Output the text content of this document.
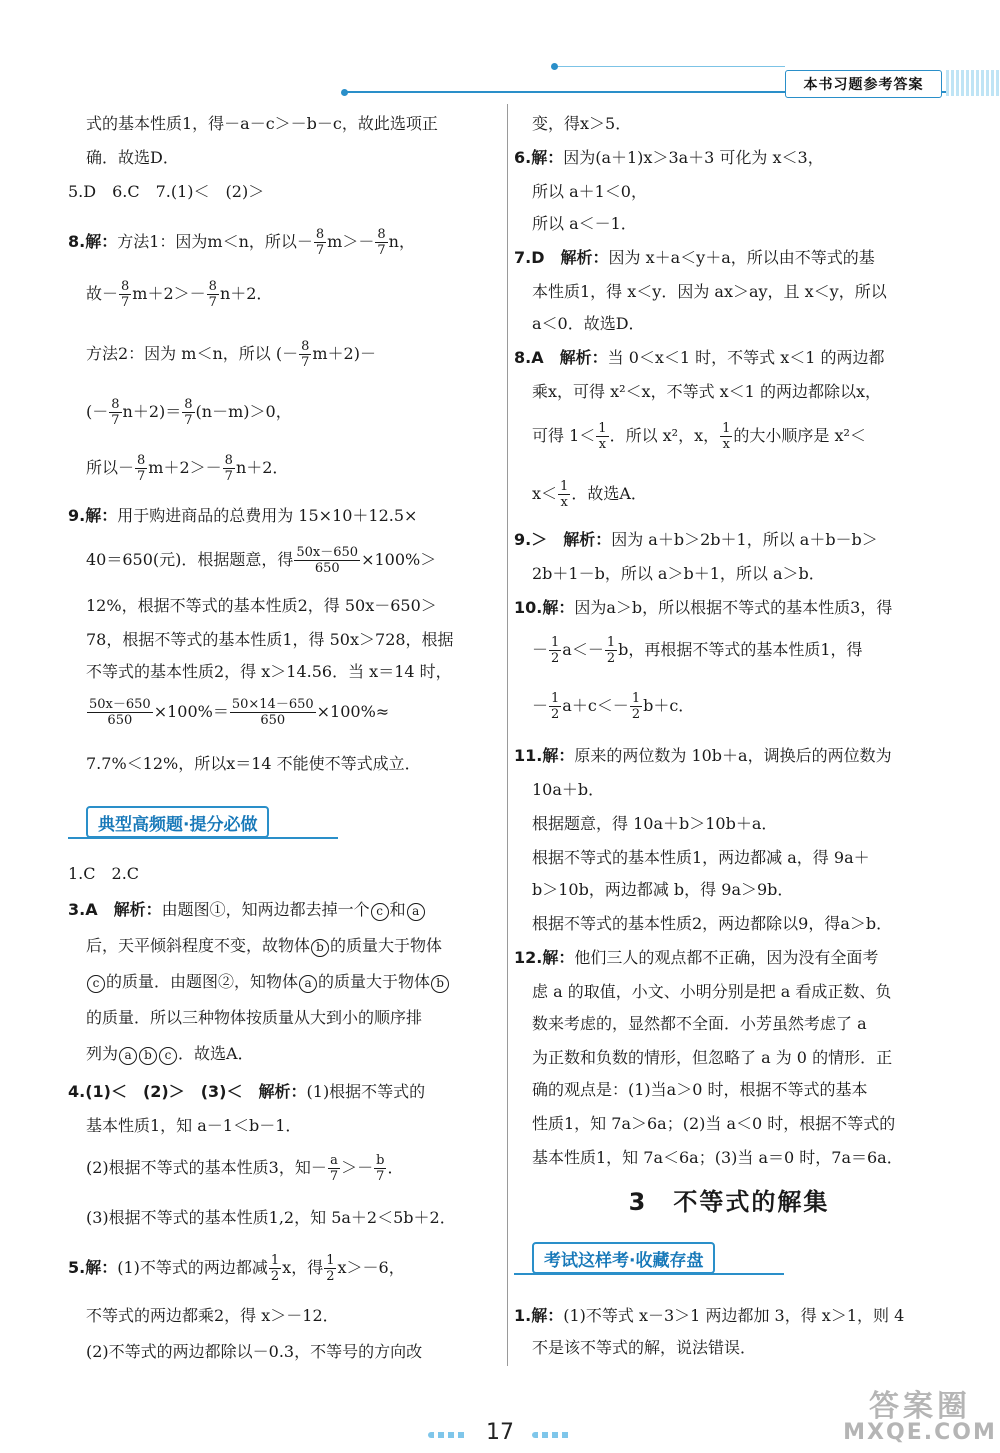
本书习题参考答案
式的基本性质1，得－a－c＞－b－c，故此选项正
确．故选D．
5.D　6.C　7.(1)＜　(2)＞
8.解：方法1：因为m＜n，所以－ $\frac{8}{7} m>- \frac{8}{7}$ n，
故－ $\frac{8}{7} m+2>- \frac{8}{7} n+2$．
方法2：因为 m＜n，所以 (－ $\frac{8}{7} m+2)-$
(－ $\frac{8}{7} n+2)= \frac{8}{7} (n-m)>0$，
所以－ $\frac{8}{7} m+2>- \frac{8}{7} n+2$．
9.解：用于购进商品的总费用为 15×10＋12.5×
40＝650(元)．根据题意，得 $\frac{50x-650}{650} \times 100\%>$
12%，根据不等式的基本性质2，得 50x－650＞
78，根据不等式的基本性质1，得 50x＞728，根据
不等式的基本性质2，得 x＞14.56．当 x＝14 时，
$\frac{50x-650}{650} \times 100\%= \frac{50\times 14-650}{650} \times 100\%\approx$
7.7%＜12%，所以x＝14 不能使不等式成立．
典型高频题·提分必做
1.C　2.C
3.A　解析：由题图①，知两边都去掉一个 c 和 a
后，天平倾斜程度不变，故物体 b 的质量大于物体
c 的质量．由题图②，知物体 a 的质量大于物体 b
的质量．所以三种物体按质量从大到小的顺序排
列为 a b c ．故选A．
4.(1)＜　(2)＞　(3)＜　解析：(1)根据不等式的
基本性质1，知 a－1＜b－1．
(2)根据不等式的基本性质3，知－ $\frac{a}{7} >- \frac{b}{7}$ ．
(3)根据不等式的基本性质1,2，知 5a＋2＜5b＋2．
5.解：(1)不等式的两边都减 $\frac{1}{2}$ x，得 $\frac{1}{2} x>-6$，
不等式的两边都乘2，得 x＞－12．
(2)不等式的两边都除以－0.3，不等号的方向改
变，得x＞5．
6.解：因为(a＋1)x＞3a＋3 可化为 x＜3，
所以 a＋1＜0，
所以 a＜－1．
7.D　解析：因为 x＋a＜y＋a，所以由不等式的基
本性质1，得 x＜y．因为 ax＞ay，且 x＜y，所以
a＜0．故选D．
8.A　解析：当 0＜x＜1 时，不等式 x＜1 的两边都
乘x，可得 x²＜x，不等式 x＜1 的两边都除以x，
可得 $1< \frac{1}{x}$ ．所以 x²，x， $\frac{1}{x}$ 的大小顺序是 x²＜
$x< \frac{1}{x}$ ．故选A．
9.＞　解析：因为 a＋b＞2b＋1，所以 a＋b－b＞
2b＋1－b，所以 a＞b＋1，所以 a＞b．
10.解：因为a＞b，所以根据不等式的基本性质3，得
－ $\frac{1}{2} a<- \frac{1}{2}$ b，再根据不等式的基本性质1，得
－ $\frac{1}{2} a+c<- \frac{1}{2} b+c$．
11.解：原来的两位数为 10b＋a，调换后的两位数为
10a＋b．
根据题意，得 10a＋b＞10b＋a．
根据不等式的基本性质1，两边都减 a，得 9a＋
b＞10b，两边都减 b，得 9a＞9b．
根据不等式的基本性质2，两边都除以9，得a＞b．
12.解：他们三人的观点都不正确，因为没有全面考
虑 a 的取值，小文、小明分别是把 a 看成正数、负
数来考虑的，显然都不全面．小芳虽然考虑了 a
为正数和负数的情形，但忽略了 a 为 0 的情形．正
确的观点是：(1)当a＞0 时，根据不等式的基本
性质1，知 7a＞6a；(2)当 a＜0 时，根据不等式的
基本性质1，知 7a＜6a；(3)当 a＝0 时，7a＝6a．
3　不等式的解集
考试这样考·收藏存盘
1.解：(1)不等式 x－3＞1 两边都加 3，得 x＞1，则 4
不是该不等式的解，说法错误．
17
答案圈
MXQE.COM
